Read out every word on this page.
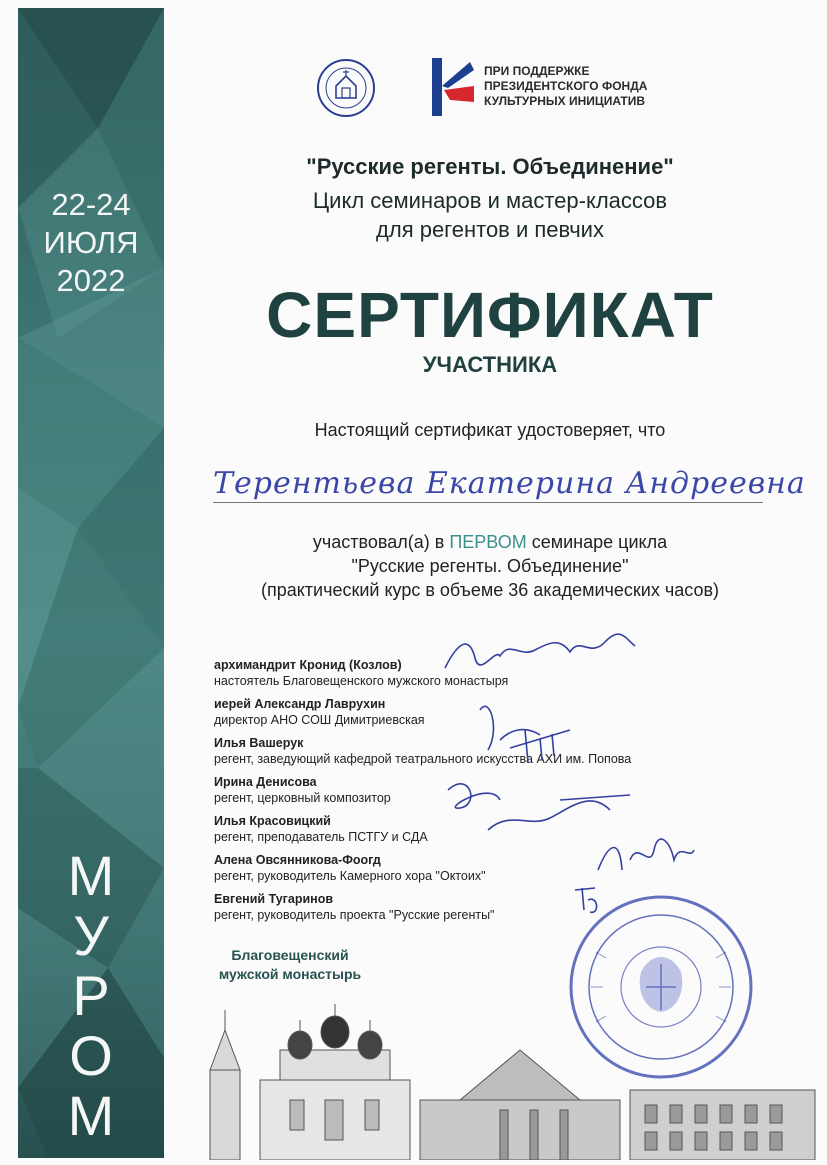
22-24
ИЮЛЯ
2022
М
У
Р
О
М
ПРИ ПОДДЕРЖКЕ
ПРЕЗИДЕНТСКОГО ФОНДА
КУЛЬТУРНЫХ ИНИЦИАТИВ
"Русские регенты. Объединение"
Цикл семинаров и мастер-классов
для регентов и певчих
СЕРТИФИКАТ
УЧАСТНИКА
Настоящий сертификат удостоверяет, что
Терентьева Екатерина Андреевна
участвовал(а) в ПЕРВОМ семинаре цикла
"Русские регенты. Объединение"
(практический курс в объеме 36 академических часов)
архимандрит Кронид (Козлов)
настоятель Благовещенского мужского монастыря
иерей Александр Лаврухин
директор АНО СОШ Димитриевская
Илья Вашерук
регент, заведующий кафедрой театрального искусства АХИ им. Попова
Ирина Денисова
регент, церковный композитор
Илья Красовицкий
регент, преподаватель ПСТГУ и СДА
Алена Овсянникова-Фоогд
регент, руководитель Камерного хора "Октоих"
Евгений Тугаринов
регент, руководитель проекта "Русские регенты"
Благовещенский
мужской монастырь
